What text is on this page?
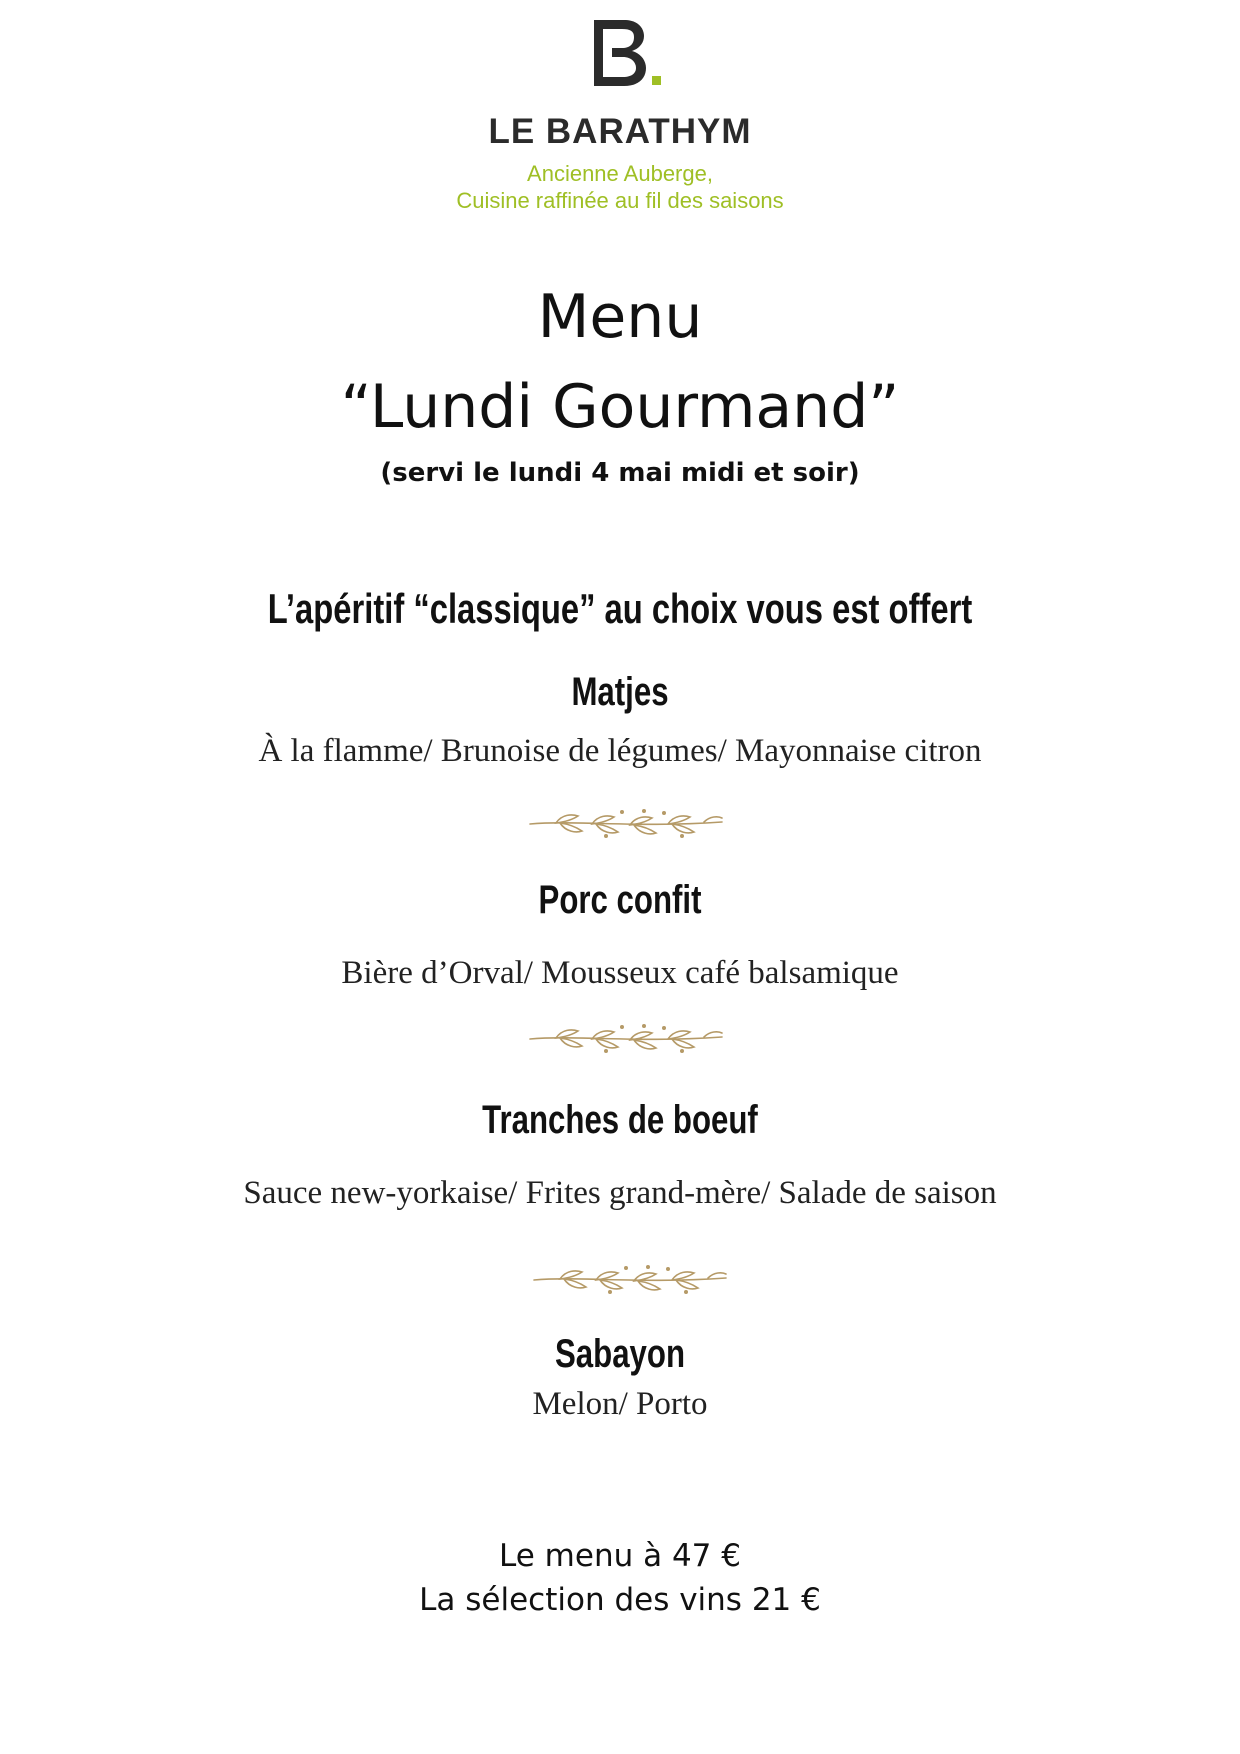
LE BARATHYM
Ancienne Auberge,
Cuisine raffinée au fil des saisons
Menu
“Lundi Gourmand”
(servi le lundi 4 mai midi et soir)
L’apéritif “classique” au choix vous est offert
Matjes
À la flamme/ Brunoise de légumes/ Mayonnaise citron
Porc confit
Bière d’Orval/ Mousseux café balsamique
Tranches de boeuf
Sauce new-yorkaise/ Frites grand-mère/ Salade de saison
Sabayon
Melon/ Porto
Le menu à 47 €
La sélection des vins 21 €
